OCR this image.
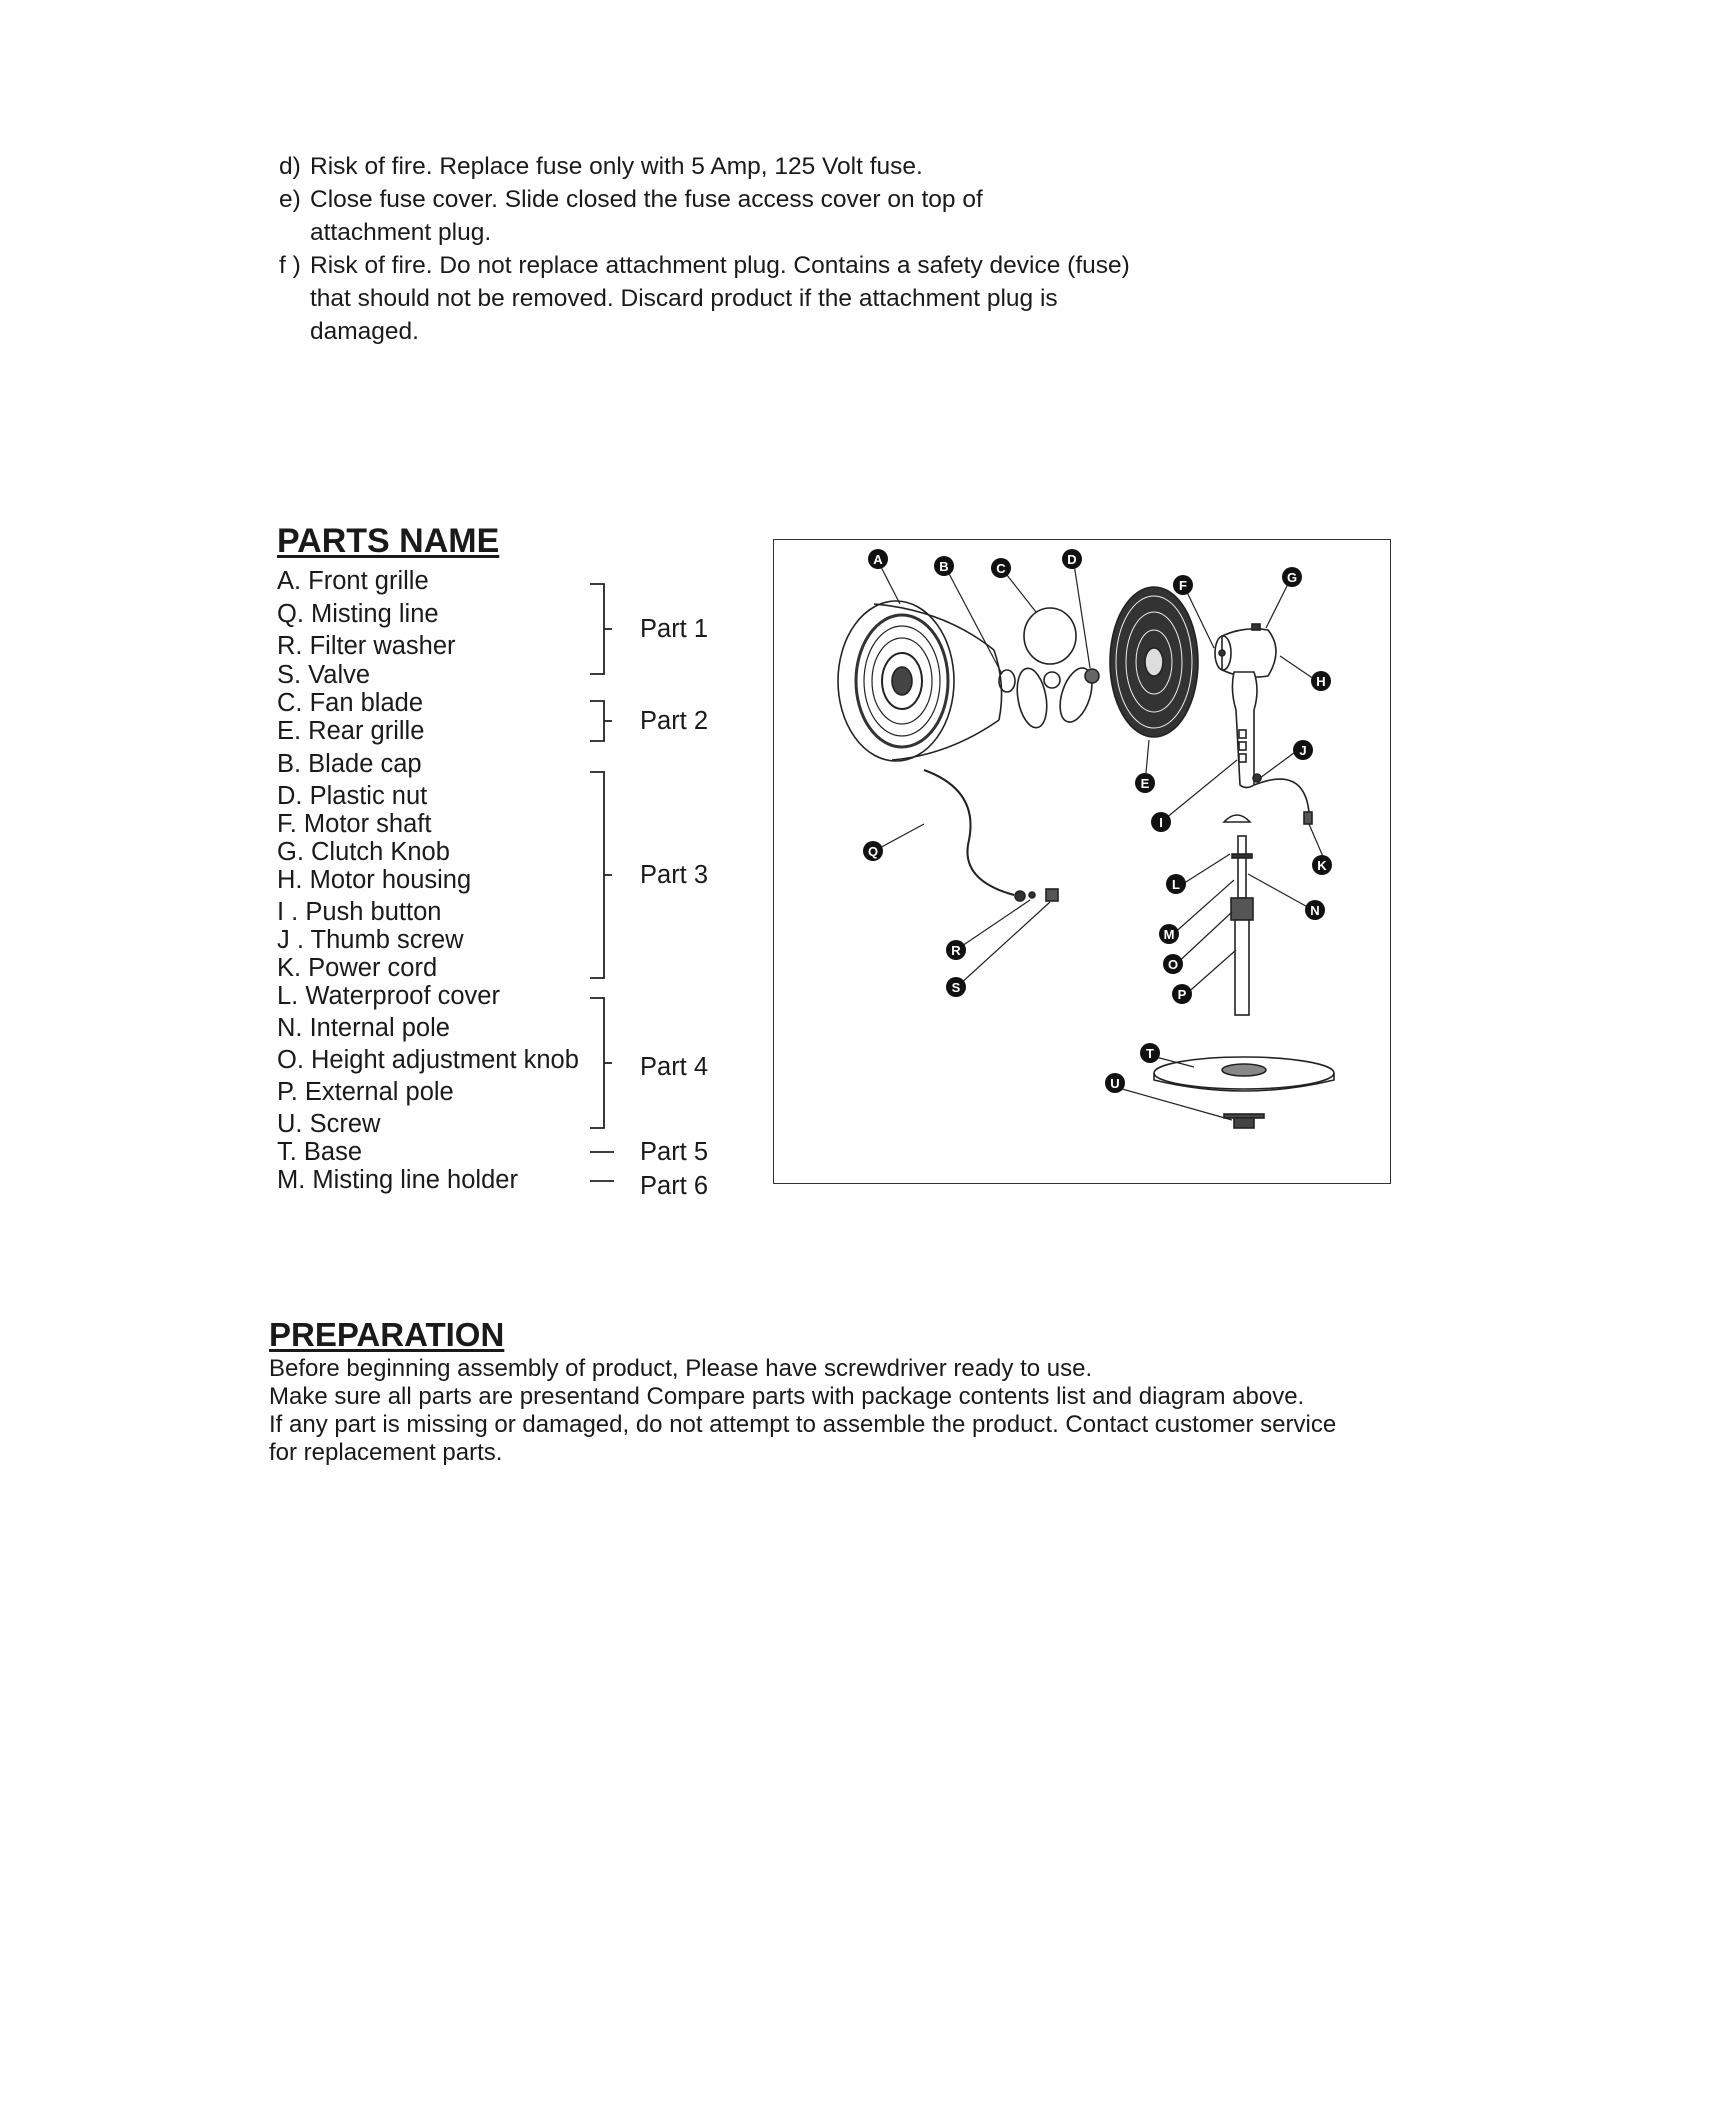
d) Risk of fire. Replace fuse only with 5 Amp, 125 Volt fuse.
e) Close fuse cover. Slide closed the fuse access cover on top of attachment plug.
f ) Risk of fire. Do not replace attachment plug. Contains a safety device (fuse) that should not be removed. Discard product if the attachment plug is damaged.
PARTS NAME
A. Front grille
Q. Misting line
R. Filter washer
S. Valve
C. Fan blade
E. Rear grille
B. Blade cap
D. Plastic nut
F. Motor shaft
G. Clutch Knob
H. Motor housing
I . Push button
J . Thumb screw
K. Power cord
L. Waterproof cover
N. Internal pole
O. Height adjustment knob
P. External pole
U. Screw
T. Base
M. Misting line holder
Part 1
Part 2
Part 3
Part 4
Part 5
Part 6
A	B	C
D
E
F
G
H
I
J
K
L
M
N
O
P
Q
R
S
T
U
PREPARATION
Before beginning assembly of product, Please have screwdriver ready to use.
Make sure all parts are presentand Compare parts with package contents list and diagram above.
If any part is missing or damaged, do not attempt to assemble the product. Contact customer service
for replacement parts.
